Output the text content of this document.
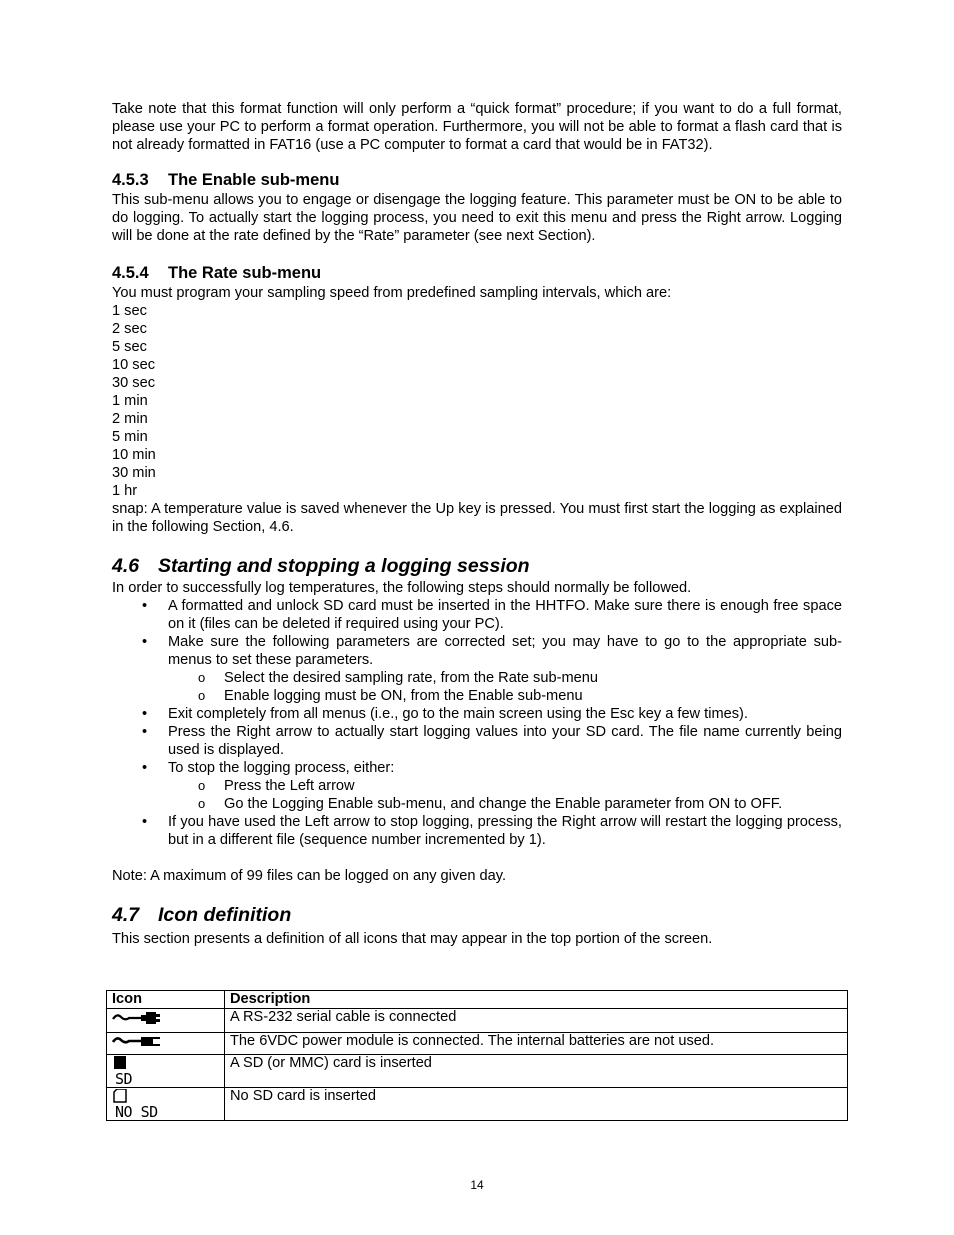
Take note that this format function will only perform a “quick format” procedure; if you want to do a full format, please use your PC to perform a format operation. Furthermore, you will not be able to format a flash card that is not already formatted in FAT16 (use a PC computer to format a card that would be in FAT32).

4.5.3 The Enable sub-menu

This sub-menu allows you to engage or disengage the logging feature. This parameter must be ON to be able to do logging. To actually start the logging process, you need to exit this menu and press the Right arrow. Logging will be done at the rate defined by the “Rate” parameter (see next Section).

4.5.4 The Rate sub-menu

You must program your sampling speed from predefined sampling intervals, which are:

1 sec
2 sec
5 sec
10 sec
30 sec
1 min
2 min
5 min
10 min
30 min
1 hr

snap: A temperature value is saved whenever the Up key is pressed. You must first start the logging as explained in the following Section, 4.6.

4.6 Starting and stopping a logging session

In order to successfully log temperatures, the following steps should normally be followed.

• A formatted and unlock SD card must be inserted in the HHTFO. Make sure there is enough free space on it (files can be deleted if required using your PC).
• Make sure the following parameters are corrected set; you may have to go to the appropriate sub-menus to set these parameters.
o Select the desired sampling rate, from the Rate sub-menu
o Enable logging must be ON, from the Enable sub-menu
• Exit completely from all menus (i.e., go to the main screen using the Esc key a few times).
• Press the Right arrow to actually start logging values into your SD card. The file name currently being used is displayed.
• To stop the logging process, either:
o Press the Left arrow
o Go the Logging Enable sub-menu, and change the Enable parameter from ON to OFF.
• If you have used the Left arrow to stop logging, pressing the Right arrow will restart the logging process, but in a different file (sequence number incremented by 1).

Note: A maximum of 99 files can be logged on any given day.

4.7 Icon definition

This section presents a definition of all icons that may appear in the top portion of the screen.

Icon	Description
	A RS-232 serial cable is connected
	The 6VDC power module is connected. The internal batteries are not used.

SD	A SD (or MMC) card is inserted

NO SD	No SD card is inserted
14
